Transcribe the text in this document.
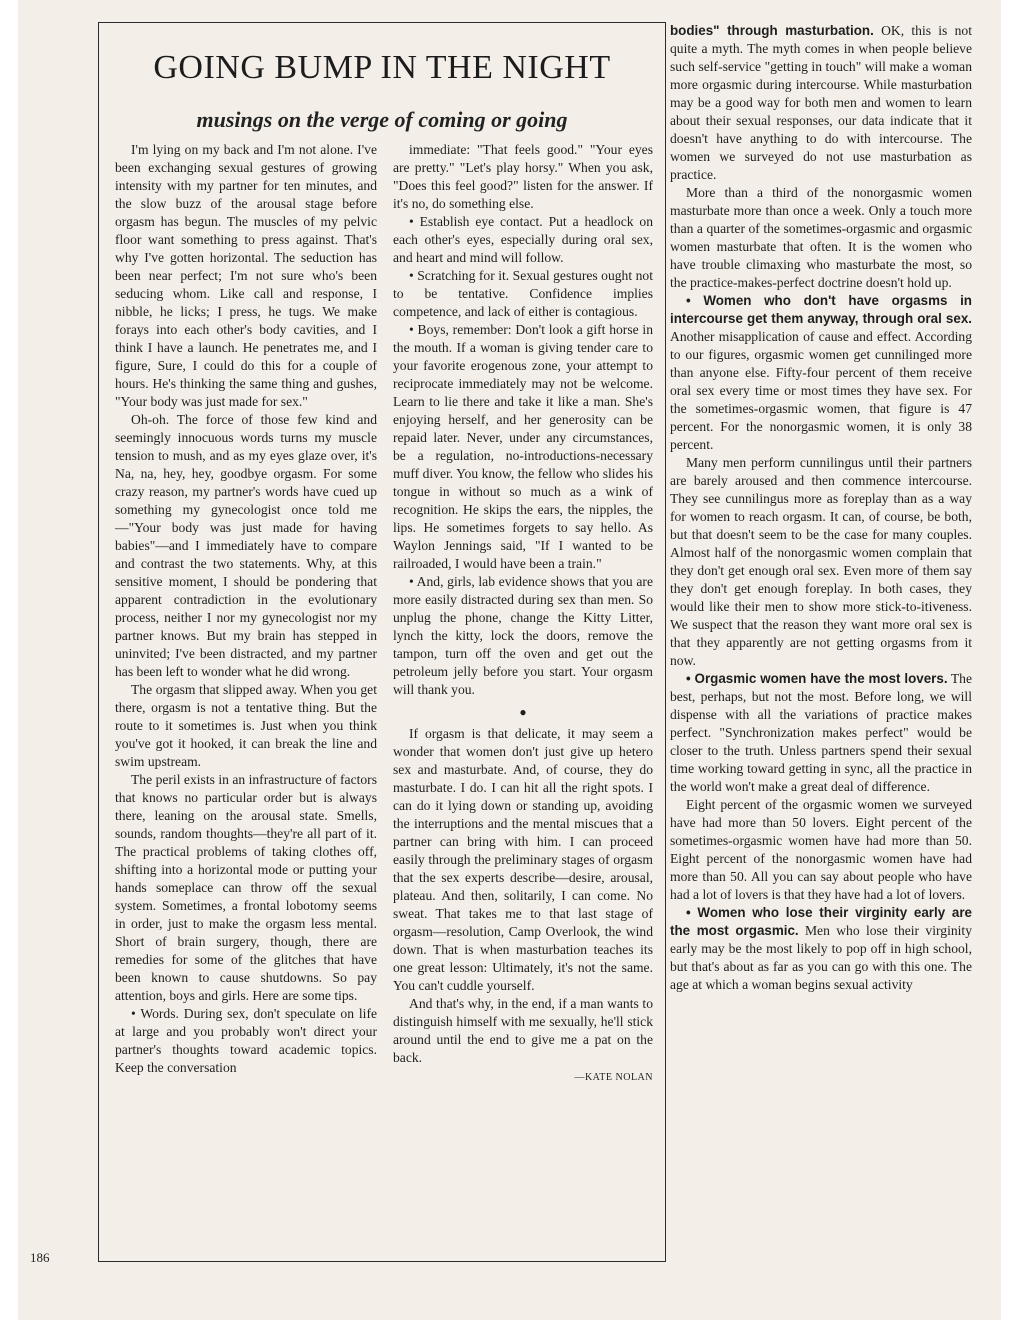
GOING BUMP IN THE NIGHT
musings on the verge of coming or going

I'm lying on my back and I'm not alone. I've been exchanging sexual gestures of growing intensity with my partner for ten minutes, and the slow buzz of the arousal stage before orgasm has begun. The muscles of my pelvic floor want something to press against. That's why I've gotten horizontal. The seduction has been near perfect; I'm not sure who's been seducing whom. Like call and response, I nibble, he licks; I press, he tugs. We make forays into each other's body cavities, and I think I have a launch. He penetrates me, and I figure, Sure, I could do this for a couple of hours. He's thinking the same thing and gushes, "Your body was just made for sex."

Oh-oh. The force of those few kind and seemingly innocuous words turns my muscle tension to mush, and as my eyes glaze over, it's Na, na, hey, hey, goodbye orgasm. For some crazy reason, my partner's words have cued up something my gynecologist once told me—"Your body was just made for having babies"—and I immediately have to compare and contrast the two statements. Why, at this sensitive moment, I should be pondering that apparent contradiction in the evolutionary process, neither I nor my gynecologist nor my partner knows. But my brain has stepped in uninvited; I've been distracted, and my partner has been left to wonder what he did wrong.

The orgasm that slipped away. When you get there, orgasm is not a tentative thing. But the route to it sometimes is. Just when you think you've got it hooked, it can break the line and swim upstream.

The peril exists in an infrastructure of factors that knows no particular order but is always there, leaning on the arousal state. Smells, sounds, random thoughts—they're all part of it. The practical problems of taking clothes off, shifting into a horizontal mode or putting your hands someplace can throw off the sexual system. Sometimes, a frontal lobotomy seems in order, just to make the orgasm less mental. Short of brain surgery, though, there are remedies for some of the glitches that have been known to cause shutdowns. So pay attention, boys and girls. Here are some tips.

• Words. During sex, don't speculate on life at large and you probably won't direct your partner's thoughts toward academic topics. Keep the conversation

immediate: "That feels good." "Your eyes are pretty." "Let's play horsy." When you ask, "Does this feel good?" listen for the answer. If it's no, do something else.

• Establish eye contact. Put a headlock on each other's eyes, especially during oral sex, and heart and mind will follow.

• Scratching for it. Sexual gestures ought not to be tentative. Confidence implies competence, and lack of either is contagious.

• Boys, remember: Don't look a gift horse in the mouth. If a woman is giving tender care to your favorite erogenous zone, your attempt to reciprocate immediately may not be welcome. Learn to lie there and take it like a man. She's enjoying herself, and her generosity can be repaid later. Never, under any circumstances, be a regulation, no-introductions-necessary muff diver. You know, the fellow who slides his tongue in without so much as a wink of recognition. He skips the ears, the nipples, the lips. He sometimes forgets to say hello. As Waylon Jennings said, "If I wanted to be railroaded, I would have been a train."

• And, girls, lab evidence shows that you are more easily distracted during sex than men. So unplug the phone, change the Kitty Litter, lynch the kitty, lock the doors, remove the tampon, turn off the oven and get out the petroleum jelly before you start. Your orgasm will thank you.

●

If orgasm is that delicate, it may seem a wonder that women don't just give up hetero sex and masturbate. And, of course, they do masturbate. I do. I can hit all the right spots. I can do it lying down or standing up, avoiding the interruptions and the mental miscues that a partner can bring with him. I can proceed easily through the preliminary stages of orgasm that the sex experts describe—desire, arousal, plateau. And then, solitarily, I can come. No sweat. That takes me to that last stage of orgasm—resolution, Camp Overlook, the wind down. That is when masturbation teaches its one great lesson: Ultimately, it's not the same. You can't cuddle yourself.

And that's why, in the end, if a man wants to distinguish himself with me sexually, he'll stick around until the end to give me a pat on the back.

—KATE NOLAN

bodies" through masturbation. OK, this is not quite a myth. The myth comes in when people believe such self-service "getting in touch" will make a woman more orgasmic during intercourse. While masturbation may be a good way for both men and women to learn about their sexual responses, our data indicate that it doesn't have anything to do with intercourse. The women we surveyed do not use masturbation as practice.

More than a third of the nonorgasmic women masturbate more than once a week. Only a touch more than a quarter of the sometimes-orgasmic and orgasmic women masturbate that often. It is the women who have trouble climaxing who masturbate the most, so the practice-makes-perfect doctrine doesn't hold up.

• Women who don't have orgasms in intercourse get them anyway, through oral sex. Another misapplication of cause and effect. According to our figures, orgasmic women get cunnilinged more than anyone else. Fifty-four percent of them receive oral sex every time or most times they have sex. For the sometimes-orgasmic women, that figure is 47 percent. For the nonorgasmic women, it is only 38 percent.

Many men perform cunnilingus until their partners are barely aroused and then commence intercourse. They see cunnilingus more as foreplay than as a way for women to reach orgasm. It can, of course, be both, but that doesn't seem to be the case for many couples. Almost half of the nonorgasmic women complain that they don't get enough oral sex. Even more of them say they don't get enough foreplay. In both cases, they would like their men to show more stick-to-itiveness. We suspect that the reason they want more oral sex is that they apparently are not getting orgasms from it now.

• Orgasmic women have the most lovers. The best, perhaps, but not the most. Before long, we will dispense with all the variations of practice makes perfect. "Synchronization makes perfect" would be closer to the truth. Unless partners spend their sexual time working toward getting in sync, all the practice in the world won't make a great deal of difference.

Eight percent of the orgasmic women we surveyed have had more than 50 lovers. Eight percent of the sometimes-orgasmic women have had more than 50. Eight percent of the nonorgasmic women have had more than 50. All you can say about people who have had a lot of lovers is that they have had a lot of lovers.

• Women who lose their virginity early are the most orgasmic. Men who lose their virginity early may be the most likely to pop off in high school, but that's about as far as you can go with this one. The age at which a woman begins sexual activity

186
